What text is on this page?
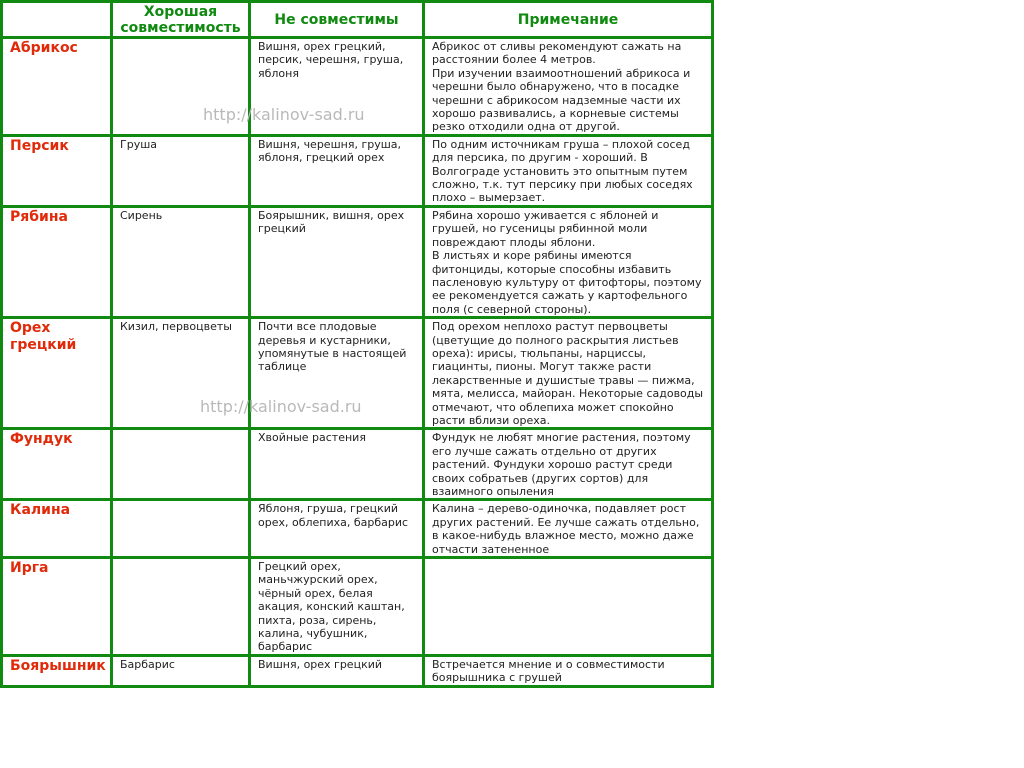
	Хорошая совместимость	Не совместимы	Примечание
Абрикос		Вишня, орех грецкий, персик, черешня, груша, яблоня	Абрикос от сливы рекомендуют сажать на расстоянии более 4 метров.
При изучении взаимоотношений абрикоса и черешни было обнаружено, что в посадке черешни с абрикосом надземные части их хорошо развивались, а корневые системы резко отходили одна от другой.

Персик	Груша	Вишня, черешня, груша, яблоня, грецкий орех	По одним источникам груша – плохой сосед для персика, по другим - хороший. В Волгограде установить это опытным путем сложно, т.к. тут персику при любых соседях плохо – вымерзает.

Рябина	Сирень	Боярышник, вишня, орех грецкий	Рябина хорошо уживается с яблоней и грушей, но гусеницы рябинной моли повреждают плоды яблони.
В листьях и коре рябины имеются фитонциды, которые способны избавить пасленовую культуру от фитофторы, поэтому ее рекомендуется сажать у картофельного поля (с северной стороны).

Орех грецкий	Кизил, первоцветы	Почти все плодовые деревья и кустарники, упомянутые в настоящей таблице	Под орехом неплохо растут первоцветы (цветущие до полного раскрытия листьев ореха): ирисы, тюльпаны, нарциссы, гиацинты, пионы. Могут также расти лекарственные и душистые травы — пижма, мята, мелисса, майоран. Некоторые садоводы отмечают, что облепиха может спокойно расти вблизи ореха.

Фундук		Хвойные растения	Фундук не любят многие растения, поэтому его лучше сажать отдельно от других растений. Фундуки хорошо растут среди своих собратьев (других сортов) для взаимного опыления

Калина		Яблоня, груша, грецкий орех, облепиха, барбарис	Калина – дерево-одиночка, подавляет рост других растений. Ее лучше сажать отдельно, в какое-нибудь влажное место, можно даже отчасти затененное

Ирга		Грецкий орех, маньчжурский орех, чёрный орех, белая акация, конский каштан, пихта, роза, сирень, калина, чубушник, барбарис	
Боярышник	Барбарис	Вишня, орех грецкий	Встречается мнение и о совместимости боярышника с грушей
http://kalinov-sad.ru
http://kalinov-sad.ru
